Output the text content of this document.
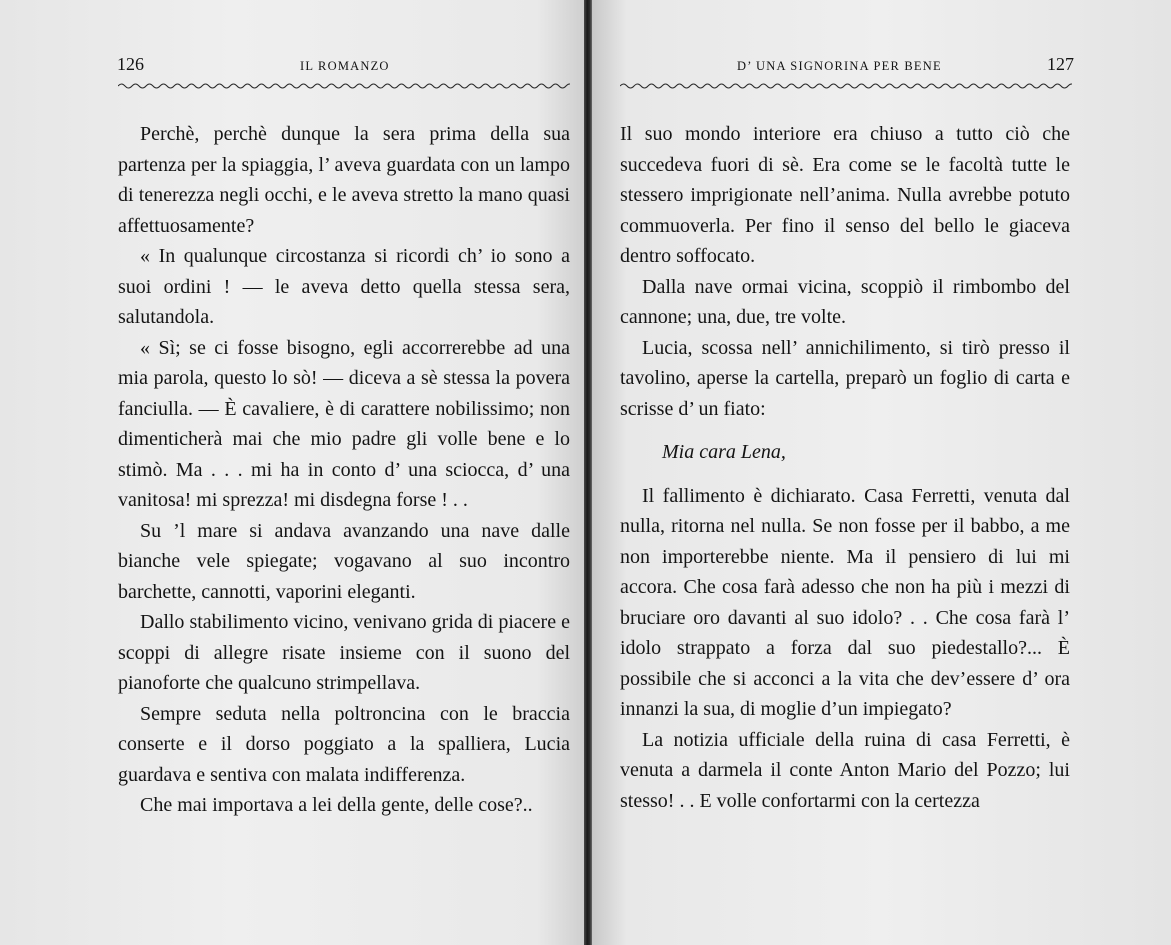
126	IL ROMANZO

Perchè, perchè dunque la sera prima della sua partenza per la spiaggia, l’ aveva guardata con un lampo di tenerezza negli occhi, e le aveva stretto la mano quasi affettuosamente?

« In qualunque circostanza si ricordi ch’ io sono a suoi ordini ! — le aveva detto quella stessa sera, salutandola.

« Sì; se ci fosse bisogno, egli accorrerebbe ad una mia parola, questo lo sò! — diceva a sè stessa la povera fanciulla. — È cavaliere, è di carattere nobilissimo; non dimenticherà mai che mio padre gli volle bene e lo stimò. Ma . . . mi ha in conto d’ una sciocca, d’ una vanitosa! mi sprezza! mi disdegna forse ! . .

Su ’l mare si andava avanzando una nave dalle bianche vele spiegate; vogavano al suo incontro barchette, cannotti, vaporini eleganti.

Dallo stabilimento vicino, venivano grida di piacere e scoppi di allegre risate insieme con il suono del pianoforte che qualcuno strimpellava.

Sempre seduta nella poltroncina con le braccia conserte e il dorso poggiato a la spalliera, Lucia guardava e sentiva con malata indifferenza.

Che mai importava a lei della gente, delle cose?..

D’ UNA SIGNORINA PER BENE	127

Il suo mondo interiore era chiuso a tutto ciò che succedeva fuori di sè. Era come se le facoltà tutte le stessero imprigionate nell’anima. Nulla avrebbe potuto commuoverla. Per fino il senso del bello le giaceva dentro soffocato.

Dalla nave ormai vicina, scoppiò il rimbombo del cannone; una, due, tre volte.

Lucia, scossa nell’ annichilimento, si tirò presso il tavolino, aperse la cartella, preparò un foglio di carta e scrisse d’ un fiato:

Mia cara Lena,

Il fallimento è dichiarato. Casa Ferretti, venuta dal nulla, ritorna nel nulla. Se non fosse per il babbo, a me non importerebbe niente. Ma il pensiero di lui mi accora. Che cosa farà adesso che non ha più i mezzi di bruciare oro davanti al suo idolo? . . Che cosa farà l’ idolo strappato a forza dal suo piedestallo?... È possibile che si acconci a la vita che dev’essere d’ ora innanzi la sua, di moglie d’un impiegato?

La notizia ufficiale della ruina di casa Ferretti, è venuta a darmela il conte Anton Mario del Pozzo; lui stesso! . . E volle confortarmi con la certezza
